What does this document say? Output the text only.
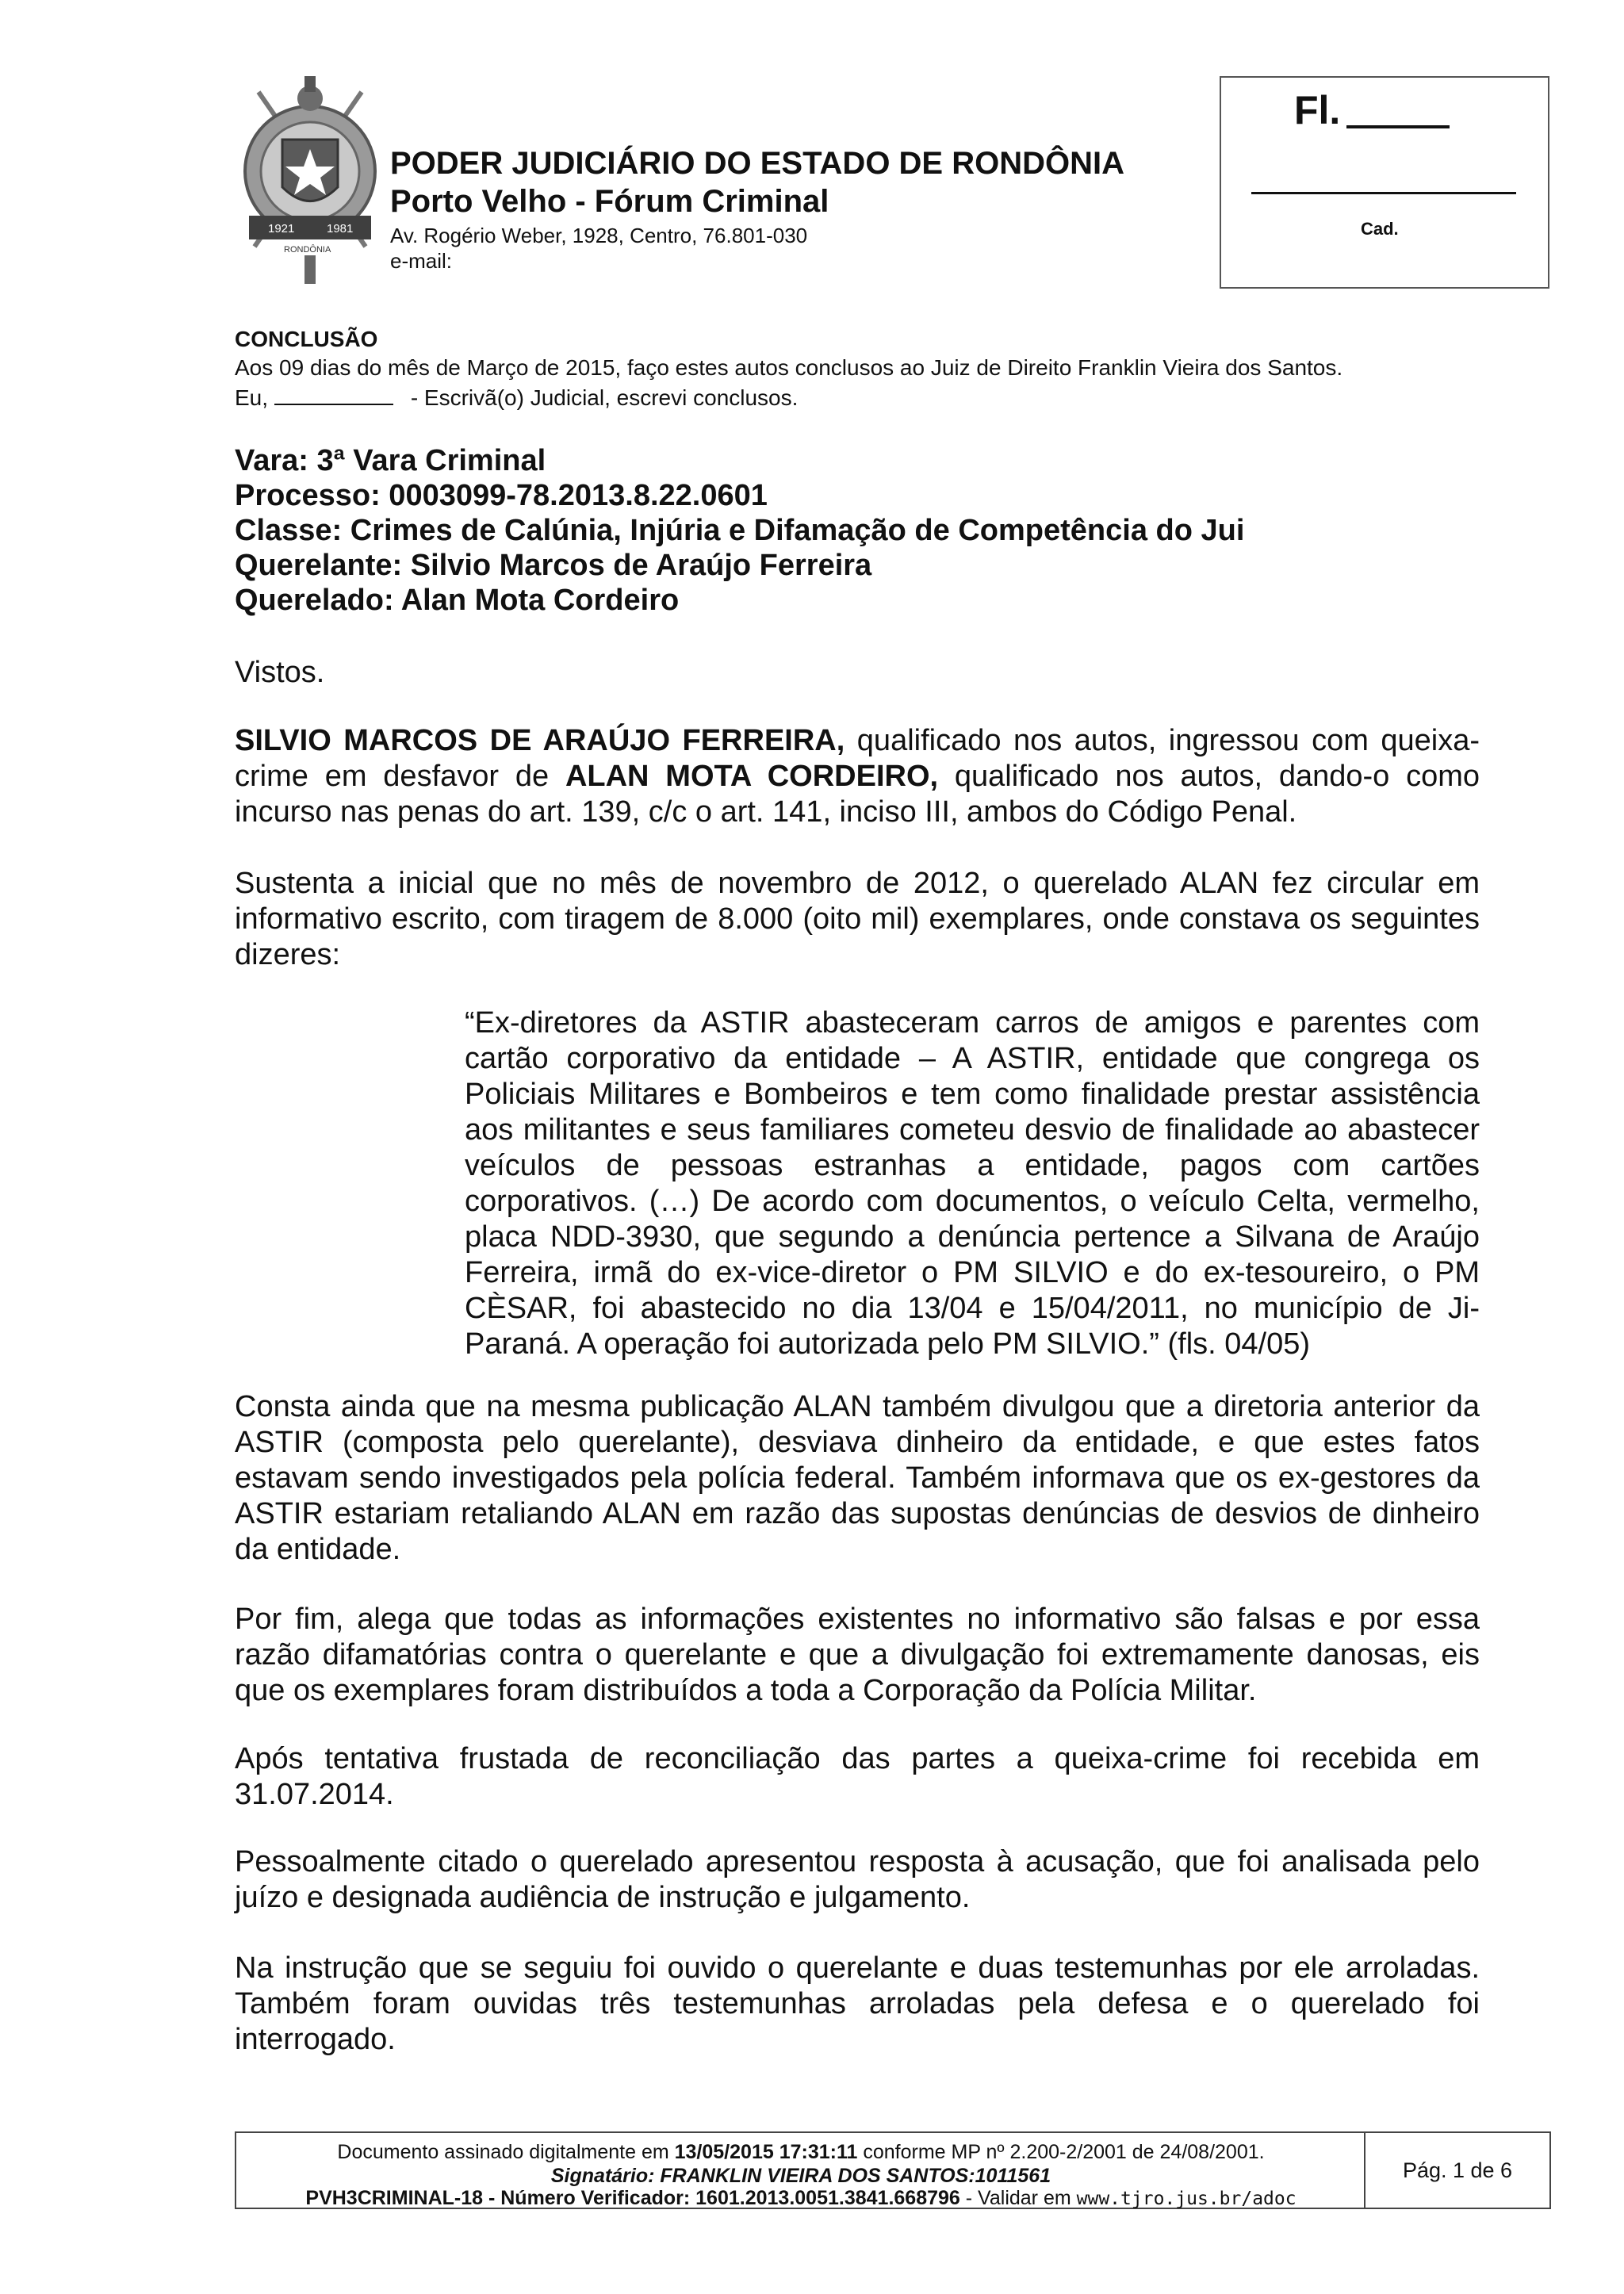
1921	1981
RONDÔNIA
PODER JUDICIÁRIO DO ESTADO DE RONDÔNIA
Porto Velho - Fórum Criminal
Av. Rogério Weber, 1928, Centro, 76.801-030
e-mail:
Fl.
Cad.
CONCLUSÃO
Aos 09 dias do mês de Março de 2015, faço estes autos conclusos ao Juiz de Direito Franklin Vieira dos Santos.
Eu,	- Escrivã(o) Judicial, escrevi conclusos.
Vara: 3ª Vara Criminal
Processo: 0003099-78.2013.8.22.0601
Classe: Crimes de Calúnia, Injúria e Difamação de Competência do Jui
Querelante: Silvio Marcos de Araújo Ferreira
Querelado: Alan Mota Cordeiro

Vistos.

SILVIO MARCOS DE ARAÚJO FERREIRA, qualificado nos autos, ingressou com queixa-crime em desfavor de ALAN MOTA CORDEIRO, qualificado nos autos, dando-o como incurso nas penas do art. 139, c/c o art. 141, inciso III, ambos do Código Penal.

Sustenta a inicial que no mês de novembro de 2012, o querelado ALAN fez circular em informativo escrito, com tiragem de 8.000 (oito mil) exemplares, onde constava os seguintes dizeres:

“Ex-diretores da ASTIR abasteceram carros de amigos e parentes com cartão corporativo da entidade – A ASTIR, entidade que congrega os Policiais Militares e Bombeiros e tem como finalidade prestar assistência aos militantes e seus familiares cometeu desvio de finalidade ao abastecer veículos de pessoas estranhas a entidade, pagos com cartões corporativos. (…) De acordo com documentos, o veículo Celta, vermelho, placa NDD-3930, que segundo a denúncia pertence a Silvana de Araújo Ferreira, irmã do ex-vice-diretor o PM SILVIO e do ex-tesoureiro, o PM CÈSAR, foi abastecido no dia 13/04 e 15/04/2011, no município de Ji-Paraná. A operação foi autorizada pelo PM SILVIO.” (fls. 04/05)

Consta ainda que na mesma publicação ALAN também divulgou que a diretoria anterior da ASTIR (composta pelo querelante), desviava dinheiro da entidade, e que estes fatos estavam sendo investigados pela polícia federal. Também informava que os ex-gestores da ASTIR estariam retaliando ALAN em razão das supostas denúncias de desvios de dinheiro da entidade.

Por fim, alega que todas as informações existentes no informativo são falsas e por essa razão difamatórias contra o querelante e que a divulgação foi extremamente danosas, eis que os exemplares foram distribuídos a toda a Corporação da Polícia Militar.

Após tentativa frustada de reconciliação das partes a queixa-crime foi recebida em 31.07.2014.

Pessoalmente citado o querelado apresentou resposta à acusação, que foi analisada pelo juízo e designada audiência de instrução e julgamento.

Na instrução que se seguiu foi ouvido o querelante e duas testemunhas por ele arroladas. Também foram ouvidas três testemunhas arroladas pela defesa e o querelado foi interrogado.

Documento assinado digitalmente em 13/05/2015 17:31:11 conforme MP nº 2.200-2/2001 de 24/08/2001.
Signatário: FRANKLIN VIEIRA DOS SANTOS:1011561
PVH3CRIMINAL-18 - Número Verificador: 1601.2013.0051.3841.668796 - Validar em www.tjro.jus.br/adoc
Pág. 1 de 6
